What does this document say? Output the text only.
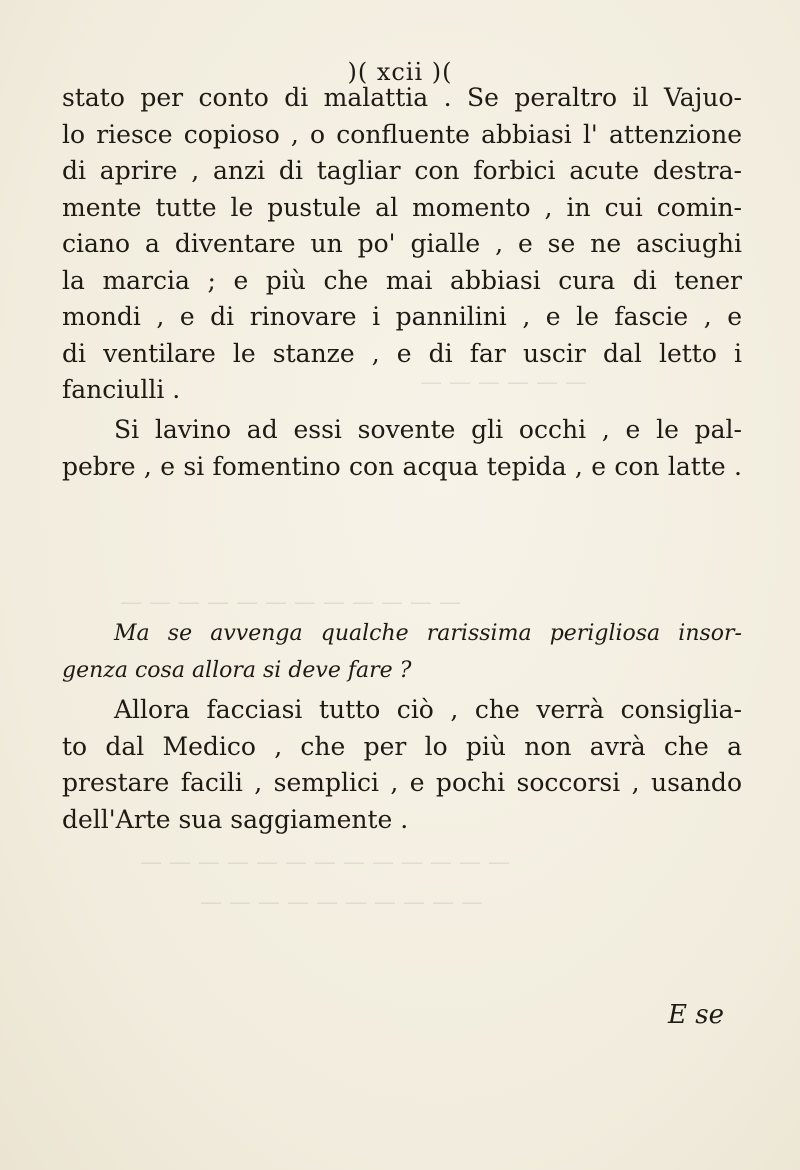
)( xcii )(
stato per conto di malattia . Se peraltro il Vajuo-
lo riesce copioso , o confluente abbiasi l' attenzione
di aprire , anzi di tagliar con forbici acute destra-
mente tutte le pustule al momento , in cui comin-
ciano a diventare un po' gialle , e se ne asciughi
la marcia ; e più che mai abbiasi cura di tener
mondi , e di rinovare i pannilini , e le fascie , e
di ventilare le stanze , e di far uscir dal letto i
fanciulli .
Si lavino ad essi sovente gli occhi , e le pal-
pebre , e si fomentino con acqua tepida , e con latte .
Ma se avvenga qualche rarissima perigliosa insor-
genza cosa allora si deve fare ?
Allora facciasi tutto ciò , che verrà consiglia-
to dal Medico , che per lo più non avrà che a
prestare facili , semplici , e pochi soccorsi , usando
dell'Arte sua saggiamente .
E se
— — — — — —
— — — — — — — — — — — —
— — — — — — — — — — — — —
— — — — — — — — — —
